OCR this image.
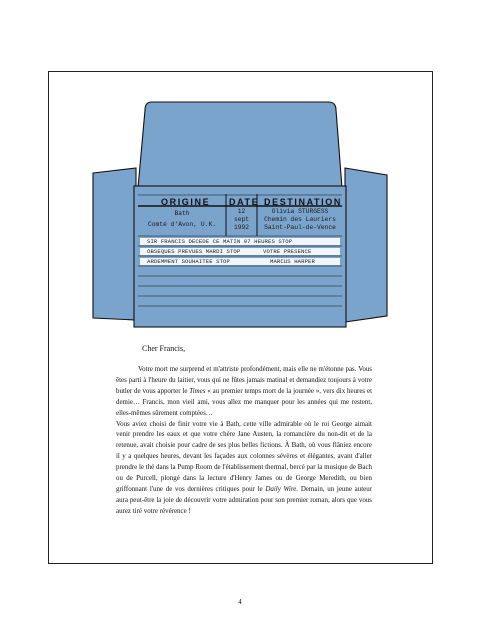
ORIGINE DATE DESTINATION
Bath
Comté d'Avon, U.K.
12
sept
1992
Olivia STURGESS
Chemin des Lauriers
Saint-Paul-de-Vence
SIR FRANCIS DECEDE CE MATIN 07 HEURES STOP
OBSEQUES PREVUES MARDI STOP	VOTRE PRESENCE
ARDEMMENT SOUHAITEE STOP	MARCUS HARPER
Cher Francis,

Votre mort me surprend et m'attriste profondément, mais elle ne m'étonne pas. Vous êtes parti à l'heure du laitier, vous qui ne fûtes jamais matinal et demandiez toujours à votre butler de vous apporter le Times « au premier temps mort de la journée », vers dix heures et demie… Francis, mon vieil ami, vous allez me manquer pour les années qui me restent, elles-mêmes sûrement comptées…

Vous aviez choisi de finir votre vie à Bath, cette ville admirable où le roi George aimait venir prendre les eaux et que votre chère Jane Austen, la romancière du non-dit et de la retenue, avait choisie pour cadre de ses plus belles fictions. À Bath, où vous flâniez encore il y a quelques heures, devant les façades aux colonnes sévères et élégantes, avant d'aller prendre le thé dans la Pump Room de l'établissement thermal, bercé par la musique de Bach ou de Purcell, plongé dans la lecture d'Henry James ou de George Meredith, ou bien griffonnant l'une de vos dernières critiques pour le Daily Wire. Demain, un jeune auteur aura peut-être la joie de découvrir votre admiration pour son premier roman, alors que vous aurez tiré votre révérence !

4
